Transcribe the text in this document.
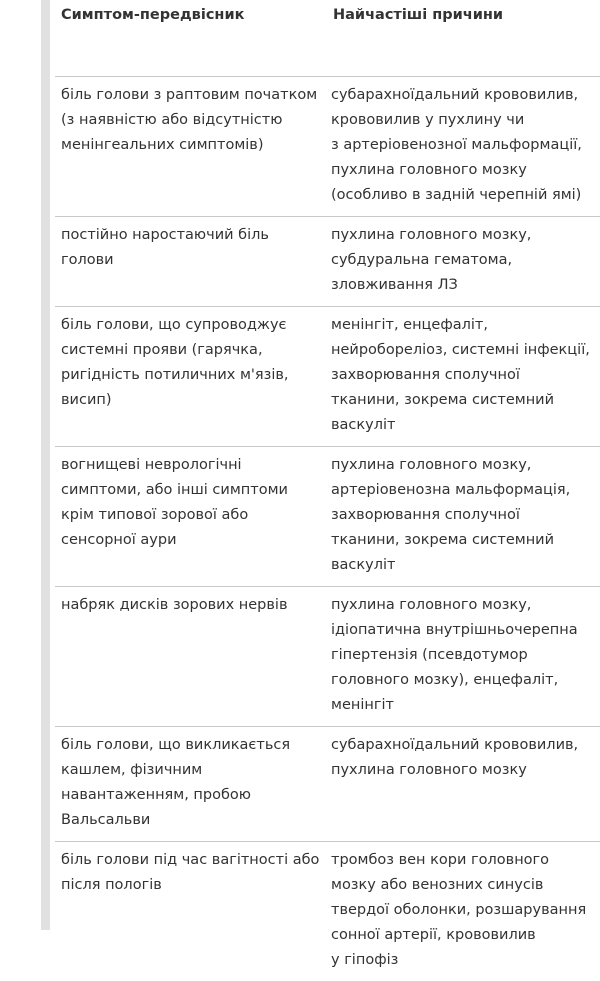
Симптом-передвісник	Найчастіші причини

біль голови з раптовим початком
(з наявністю або відсутністю
менінгеальних симптомів)	субарахноїдальний крововилив,
крововилив у пухлину чи
з артеріовенозної мальформації,
пухлина головного мозку
(особливо в задній черепній ямі)

постійно наростаючий біль
голови	пухлина головного мозку,
субдуральна гематома,
зловживання ЛЗ

біль голови, що супроводжує
системні прояви (гарячка,
ригідність потиличних м'язів,
висип)	менінгіт, енцефаліт,
нейробореліоз, системні інфекції,
захворювання сполучної
тканини, зокрема системний
васкуліт

вогнищеві неврологічні
симптоми, або інші симптоми
крім типової зорової або
сенсорної аури	пухлина головного мозку,
артеріовенозна мальформація,
захворювання сполучної
тканини, зокрема системний
васкуліт

набряк дисків зорових нервів	пухлина головного мозку,
ідіопатична внутрішньочерепна
гіпертензія (псевдотумор
головного мозку), енцефаліт,
менінгіт

біль голови, що викликається
кашлем, фізичним
навантаженням, пробою
Вальсальви	субарахноїдальний крововилив,
пухлина головного мозку

біль голови під час вагітності або
після пологів	тромбоз вен кори головного
мозку або венозних синусів
твердої оболонки, розшарування
сонної артерії, крововилив
у гіпофіз
